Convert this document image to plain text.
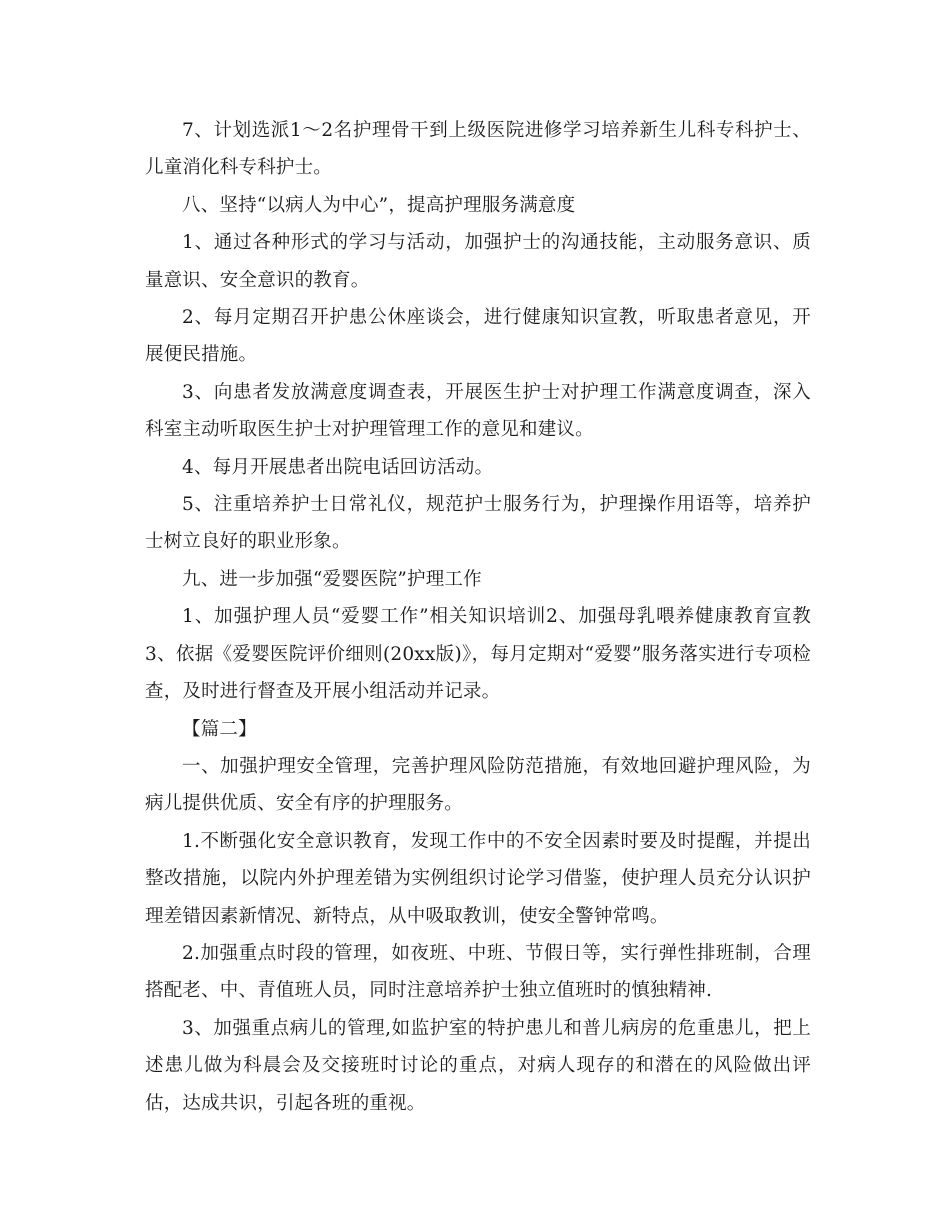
7、计划选派1～2名护理骨干到上级医院进修学习培养新生儿科专科护士、儿童消化科专科护士。

八、坚持“以病人为中心”，提高护理服务满意度

1、通过各种形式的学习与活动，加强护士的沟通技能，主动服务意识、质量意识、安全意识的教育。

2、每月定期召开护患公休座谈会，进行健康知识宣教，听取患者意见，开展便民措施。

3、向患者发放满意度调查表，开展医生护士对护理工作满意度调查，深入科室主动听取医生护士对护理管理工作的意见和建议。

4、每月开展患者出院电话回访活动。

5、注重培养护士日常礼仪，规范护士服务行为，护理操作用语等，培养护士树立良好的职业形象。

九、进一步加强“爱婴医院”护理工作

1、加强护理人员“爱婴工作”相关知识培训2、加强母乳喂养健康教育宣教3、依据《爱婴医院评价细则(20xx版)》，每月定期对“爱婴”服务落实进行专项检查，及时进行督查及开展小组活动并记录。

【篇二】

一、加强护理安全管理，完善护理风险防范措施，有效地回避护理风险，为病儿提供优质、安全有序的护理服务。

1.不断强化安全意识教育，发现工作中的不安全因素时要及时提醒，并提出整改措施，以院内外护理差错为实例组织讨论学习借鉴，使护理人员充分认识护理差错因素新情况、新特点，从中吸取教训，使安全警钟常鸣。

2.加强重点时段的管理，如夜班、中班、节假日等，实行弹性排班制，合理搭配老、中、青值班人员，同时注意培养护士独立值班时的慎独精神.

3、加强重点病儿的管理,如监护室的特护患儿和普儿病房的危重患儿，把上述患儿做为科晨会及交接班时讨论的重点，对病人现存的和潜在的风险做出评估，达成共识，引起各班的重视。
